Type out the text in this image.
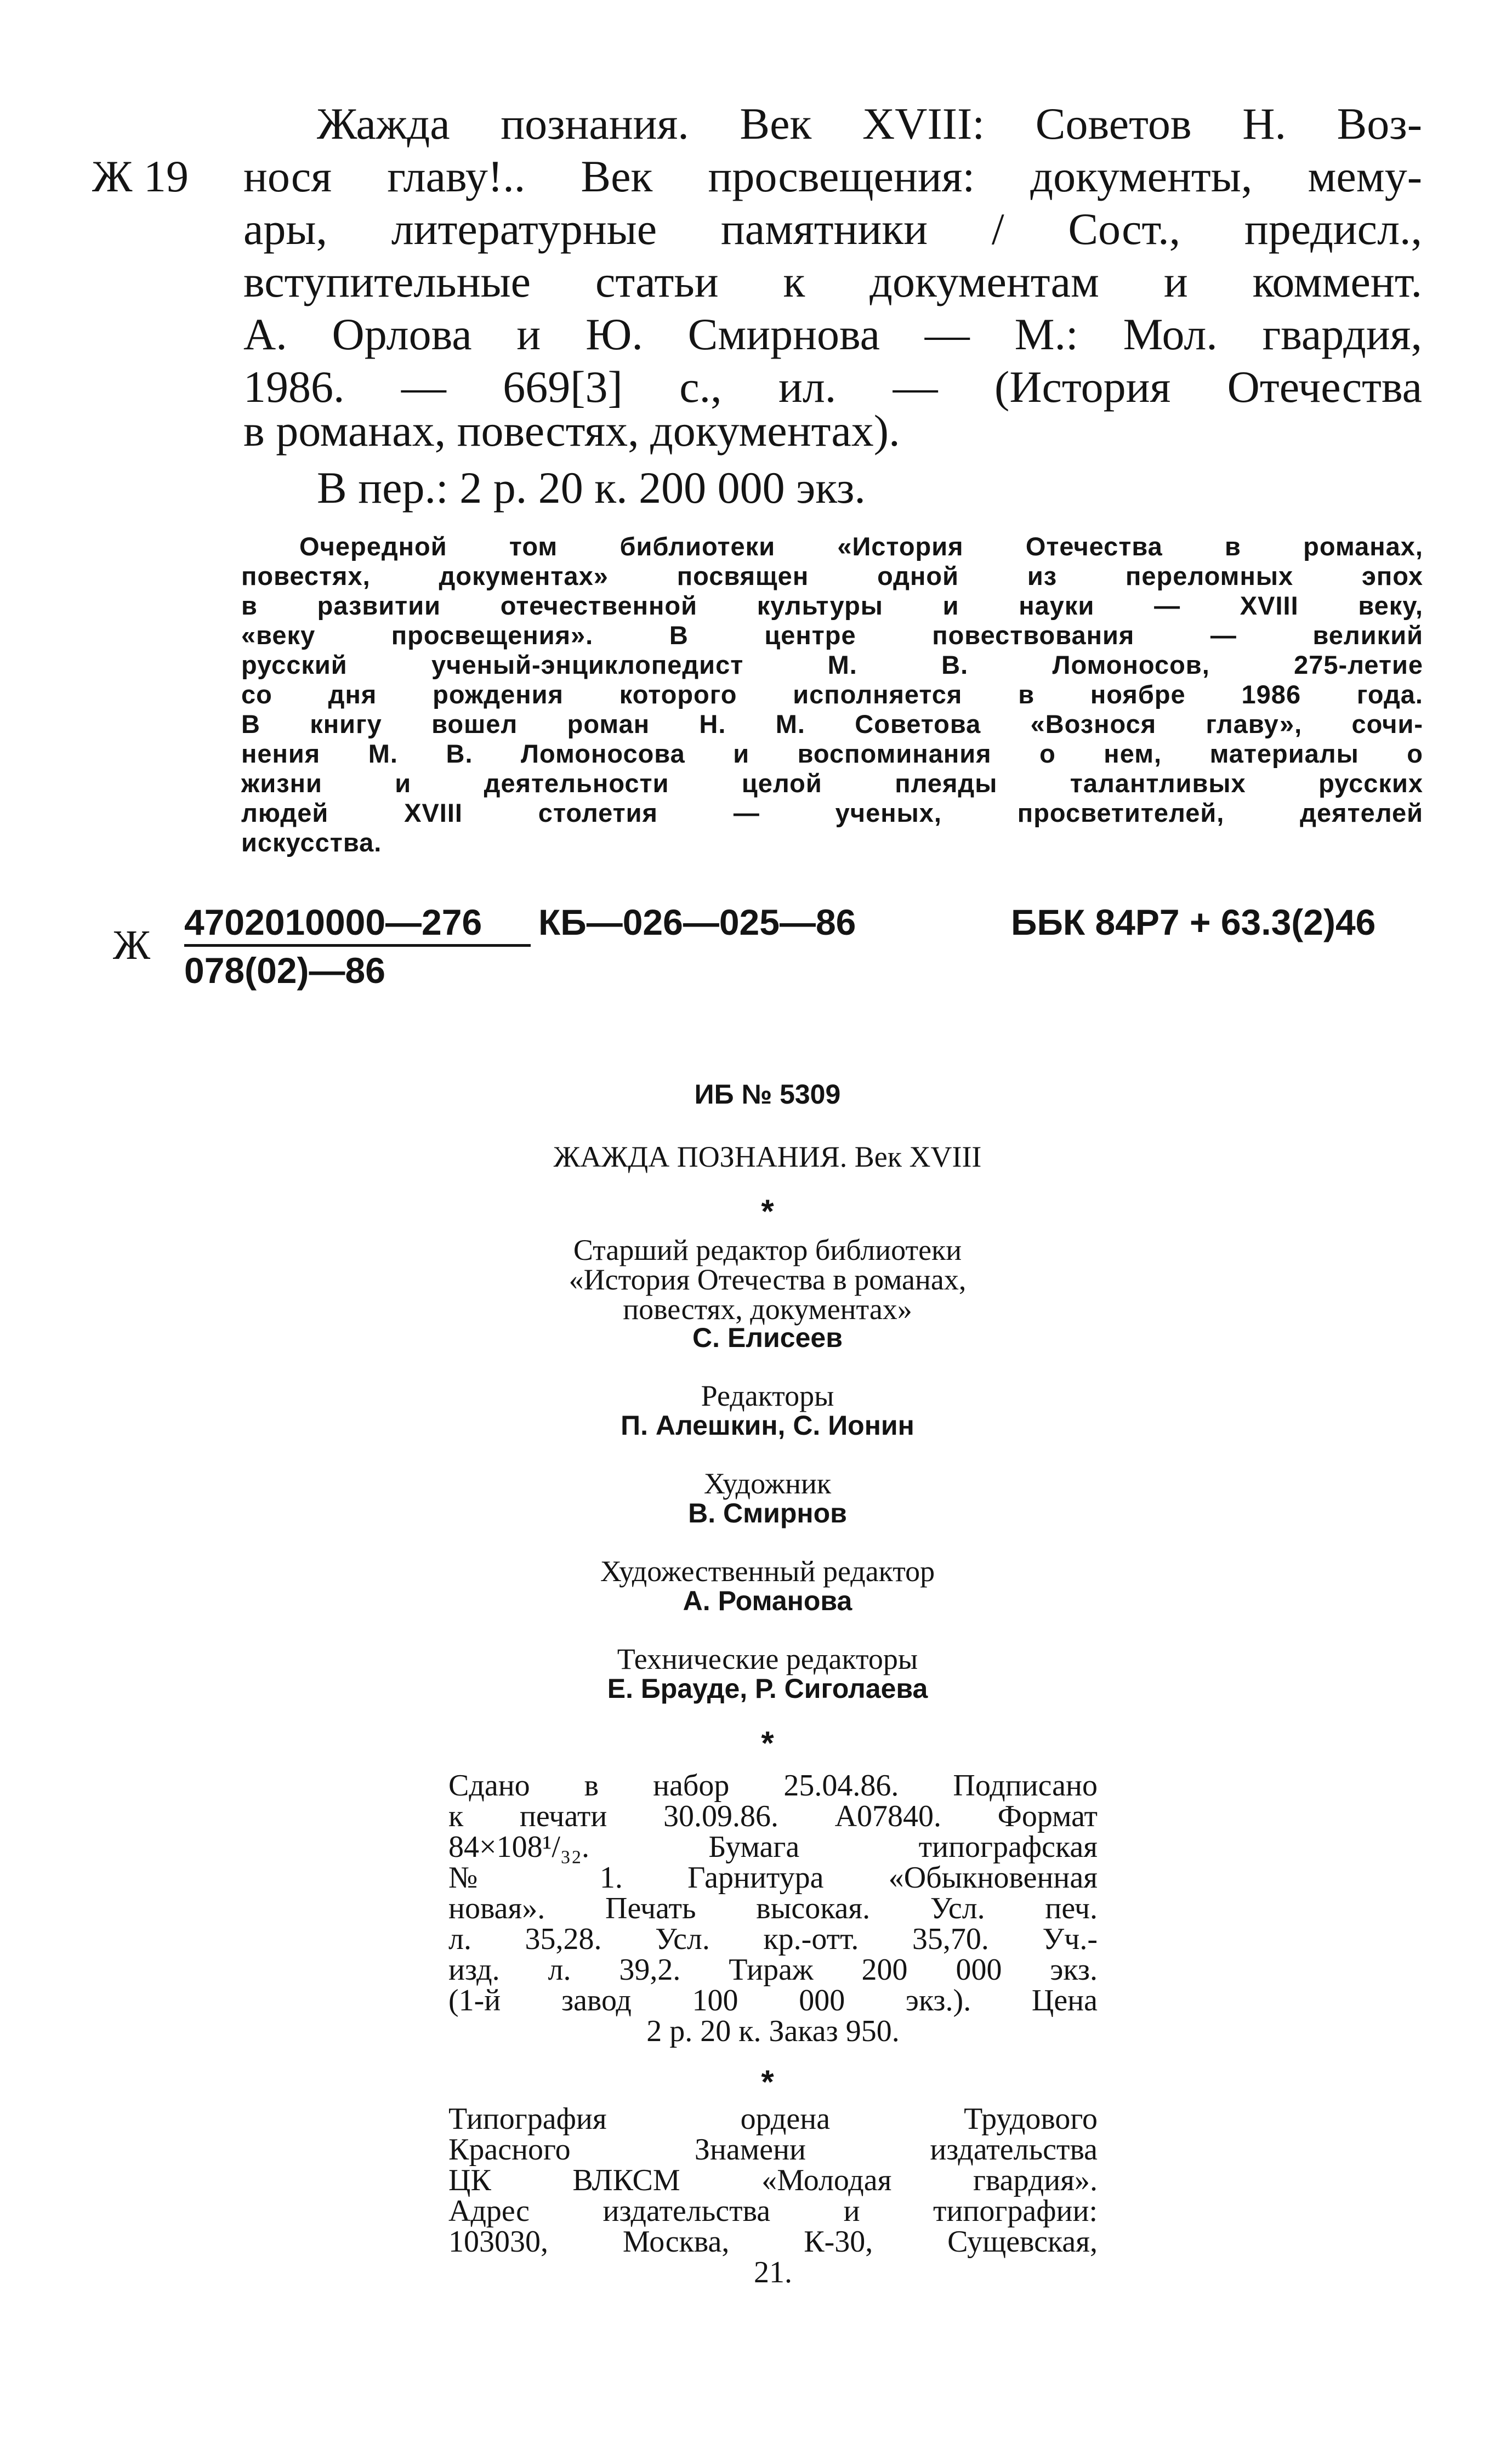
Ж 19
Жажда познания. Век XVIII: Советов Н. Воз-
нося главу!.. Век просвещения: документы, мему-
ары, литературные памятники / Сост., предисл.,
вступительные статьи к документам и коммент.
А. Орлова и Ю. Смирнова — М.: Мол. гвардия,
1986. — 669[3] с., ил. — (История Отечества
в романах, повестях, документах).
В пер.: 2 р. 20 к. 200 000 экз.
Очередной том библиотеки «История Отечества в романах,
повестях, документах» посвящен одной из переломных эпох
в развитии отечественной культуры и науки — XVIII веку,
«веку просвещения». В центре повествования — великий
русский ученый-энциклопедист М. В. Ломоносов, 275-летие
со дня рождения которого исполняется в ноябре 1986 года.
В книгу вошел роман Н. М. Советова «Вознося главу», сочи-
нения М. В. Ломоносова и воспоминания о нем, материалы о
жизни и деятельности целой плеяды талантливых русских
людей XVIII столетия — ученых, просветителей, деятелей
искусства.
Ж 4702010000—276
078(02)—86
КБ—026—025—86	ББК 84Р7 + 63.3(2)46
ИБ № 5309
ЖАЖДА ПОЗНАНИЯ. Век XVIII
*
Старший редактор библиотеки
«История Отечества в романах,
повестях, документах»
С. Елисеев
Редакторы
П. Алешкин, С. Ионин
Художник
В. Смирнов
Художественный редактор
А. Романова
Технические редакторы
Е. Брауде, Р. Сиголаева
*
Сдано в набор 25.04.86. Подписано
к печати 30.09.86. А07840. Формат
84×108¹/₃₂. Бумага типографская
№ 1. Гарнитура «Обыкновенная
новая». Печать высокая. Усл. печ.
л. 35,28. Усл. кр.-отт. 35,70. Уч.-
изд. л. 39,2. Тираж 200 000 экз.
(1-й завод 100 000 экз.). Цена
2 р. 20 к. Заказ 950.
*
Типография ордена Трудового
Красного Знамени издательства
ЦК ВЛКСМ «Молодая гвардия».
Адрес издательства и типографии:
103030, Москва, К-30, Сущевская,
21.
